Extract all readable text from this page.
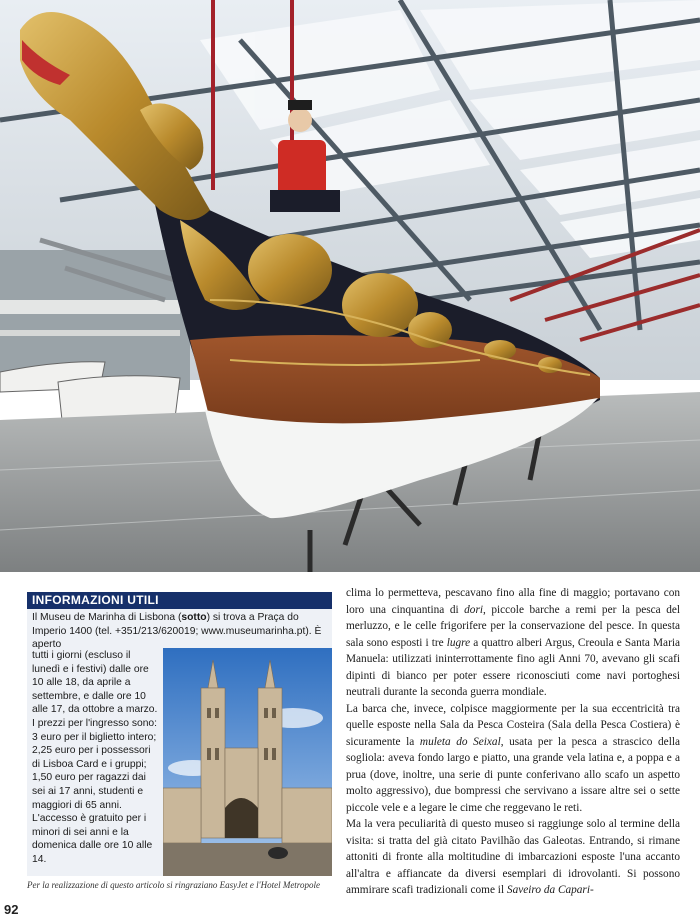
INFORMAZIONI UTILI

Il Museu de Marinha di Lisbona (sotto) si trova a Praça do Imperio 1400 (tel. +351/213/620019; www.museumarinha.pt). È aperto

tutti i giorni (escluso il lunedì e i festivi) dalle ore 10 alle 18, da aprile a settembre, e dalle ore 10 alle 17, da ottobre a marzo. I prezzi per l'ingresso sono: 3 euro per il biglietto intero; 2,25 euro per i possessori di Lisboa Card e i gruppi; 1,50 euro per ragazzi dai sei ai 17 anni, studenti e maggiori di 65 anni. L'accesso è gratuito per i minori di sei anni e la domenica dalle ore 10 alle 14.

Per la realizzazione di questo articolo si ringraziano EasyJet e l'Hotel Metropole
92

clima lo permetteva, pescavano fino alla fine di maggio; portavano con loro una cinquantina di dori, piccole barche a remi per la pesca del merluzzo, e le celle frigorifere per la conservazione del pesce. In questa sala sono esposti i tre lugre a quattro alberi Argus, Creoula e Santa Maria Manuela: utilizzati ininterrottamente fino agli Anni 70, avevano gli scafi dipinti di bianco per poter essere riconosciuti come navi portoghesi neutrali durante la seconda guerra mondiale.

La barca che, invece, colpisce maggiormente per la sua eccentricità tra quelle esposte nella Sala da Pesca Costeira (Sala della Pesca Costiera) è sicuramente la muleta do Seixal, usata per la pesca a strascico della sogliola: aveva fondo largo e piatto, una grande vela latina e, a poppa e a prua (dove, inoltre, una serie di punte conferivano allo scafo un aspetto molto aggressivo), due bompressi che servivano a issare altre sei o sette piccole vele e a legare le cime che reggevano le reti.

Ma la vera peculiarità di questo museo si raggiunge solo al termine della visita: si tratta del già citato Pavilhão das Galeotas. Entrando, si rimane attoniti di fronte alla moltitudine di imbarcazioni esposte l'una accanto all'altra e affiancate da diversi esemplari di idrovolanti. Si possono ammirare scafi tradizionali come il Saveiro da Capari-
